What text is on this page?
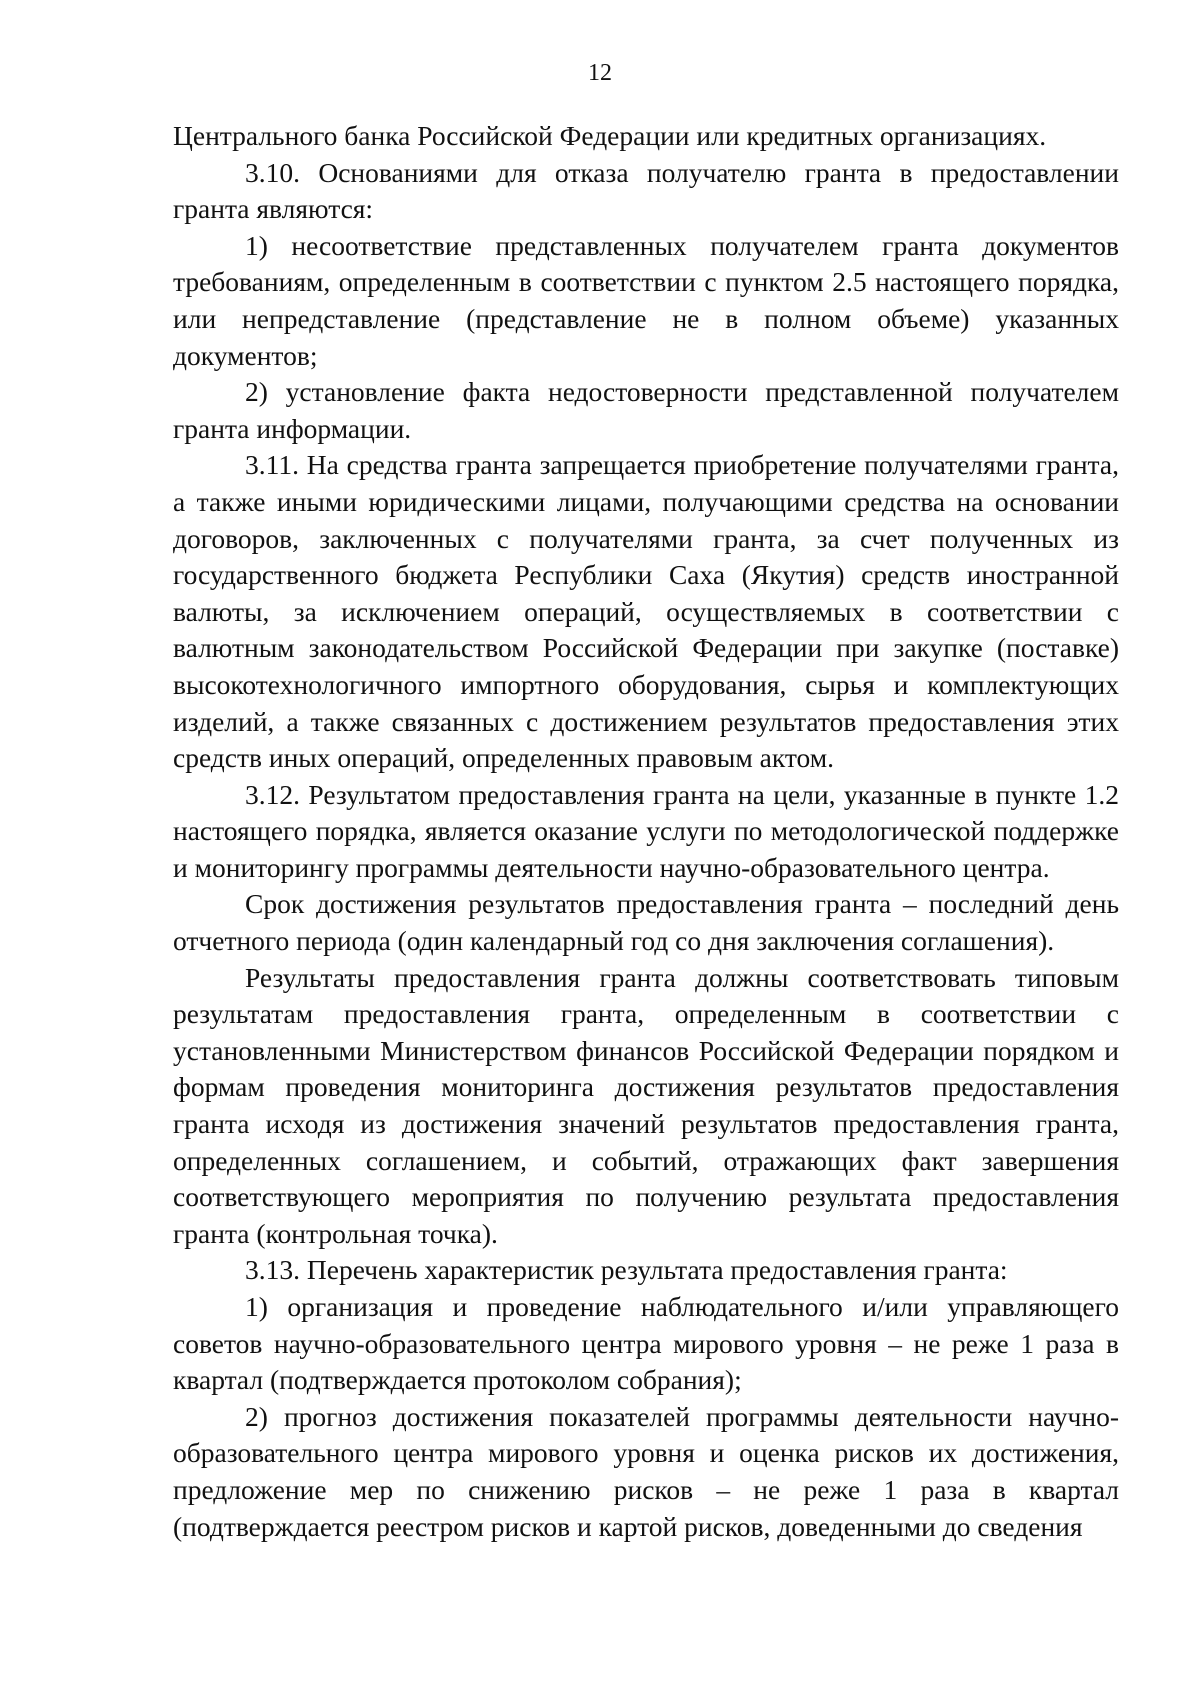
12

Центрального банка Российской Федерации или кредитных организациях.

3.10. Основаниями для отказа получателю гранта в предоставлении гранта являются:

1) несоответствие представленных получателем гранта документов требованиям, определенным в соответствии с пунктом 2.5 настоящего порядка, или непредставление (представление не в полном объеме) указанных документов;

2) установление факта недостоверности представленной получателем гранта информации.

3.11. На средства гранта запрещается приобретение получателями гранта, а также иными юридическими лицами, получающими средства на основании договоров, заключенных с получателями гранта, за счет полученных из государственного бюджета Республики Саха (Якутия) средств иностранной валюты, за исключением операций, осуществляемых в соответствии с валютным законодательством Российской Федерации при закупке (поставке) высокотехнологичного импортного оборудования, сырья и комплектующих изделий, а также связанных с достижением результатов предоставления этих средств иных операций, определенных правовым актом.

3.12. Результатом предоставления гранта на цели, указанные в пункте 1.2 настоящего порядка, является оказание услуги по методологической поддержке и мониторингу программы деятельности научно-образовательного центра.

Срок достижения результатов предоставления гранта – последний день отчетного периода (один календарный год со дня заключения соглашения).

Результаты предоставления гранта должны соответствовать типовым результатам предоставления гранта, определенным в соответствии с установленными Министерством финансов Российской Федерации порядком и формам проведения мониторинга достижения результатов предоставления гранта исходя из достижения значений результатов предоставления гранта, определенных соглашением, и событий, отражающих факт завершения соответствующего мероприятия по получению результата предоставления гранта (контрольная точка).

3.13. Перечень характеристик результата предоставления гранта:

1) организация и проведение наблюдательного и/или управляющего советов научно-образовательного центра мирового уровня – не реже 1 раза в квартал (подтверждается протоколом собрания);

2) прогноз достижения показателей программы деятельности научно-образовательного центра мирового уровня и оценка рисков их достижения, предложение мер по снижению рисков – не реже 1 раза в квартал (подтверждается реестром рисков и картой рисков, доведенными до сведения
